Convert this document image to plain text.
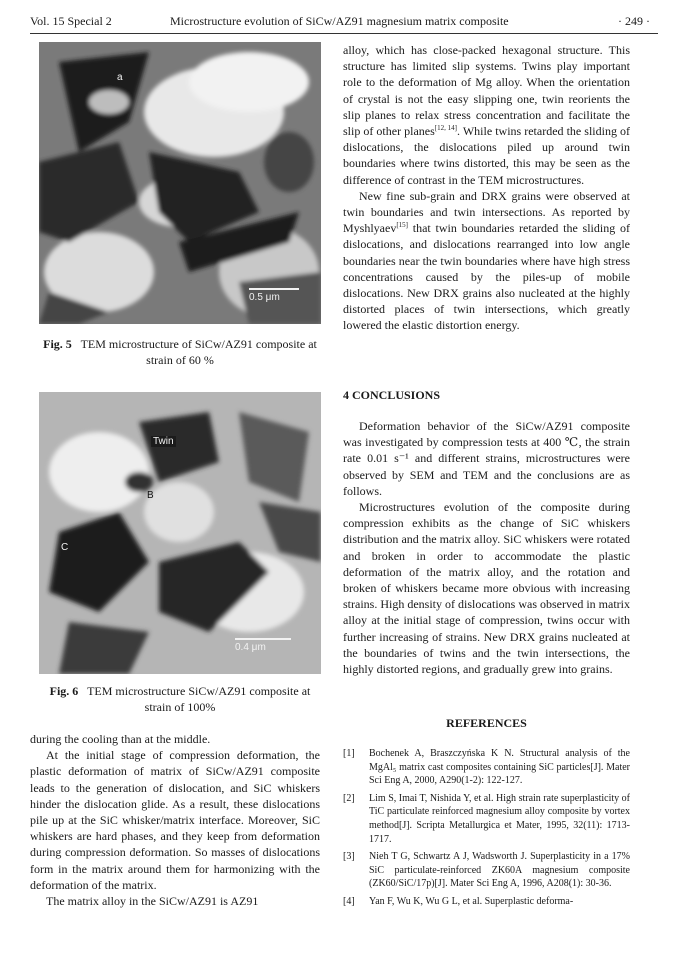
Vol. 15 Special 2	Microstructure evolution of SiCw/AZ91 magnesium matrix composite	· 249 ·
a
0.5 μm
Fig. 5 TEM microstructure of SiCw/AZ91 composite at strain of 60 %
Twin
B
C
0.4 μm
Fig. 6 TEM microstructure SiCw/AZ91 composite at strain of 100%

during the cooling than at the middle.

At the initial stage of compression deformation, the plastic deformation of matrix of SiCw/AZ91 composite leads to the generation of dislocation, and SiC whiskers hinder the dislocation glide. As a result, these dislocations pile up at the SiC whisker/matrix interface. Moreover, SiC whiskers are hard phases, and they keep from deformation during compression deformation. So masses of dislocations form in the matrix around them for harmonizing with the deformation of the matrix.

The matrix alloy in the SiCw/AZ91 is AZ91

alloy, which has close-packed hexagonal structure. This structure has limited slip systems. Twins play important role to the deformation of Mg alloy. When the orientation of crystal is not the easy slipping one, twin reorients the slip planes to relax stress concentration and facilitate the slip of other planes[12, 14]. While twins retarded the sliding of dislocations, the dislocations piled up around twin boundaries where twins distorted, this may be seen as the difference of contrast in the TEM microstructures.

New fine sub-grain and DRX grains were observed at twin boundaries and twin intersections. As reported by Myshlyaev[15] that twin boundaries retarded the sliding of dislocations, and dislocations rearranged into low angle boundaries near the twin boundaries where have high stress concentrations caused by the piles-up of mobile dislocations. New DRX grains also nucleated at the highly distorted places of twin intersections, which greatly lowered the elastic distortion energy.

4 CONCLUSIONS

Deformation behavior of the SiCw/AZ91 composite was investigated by compression tests at 400 ℃, the strain rate 0.01 s⁻¹ and different strains, microstructures were observed by SEM and TEM and the conclusions are as follows.

Microstructures evolution of the composite during compression exhibits as the change of SiC whiskers distribution and the matrix alloy. SiC whiskers were rotated and broken in order to accommodate the plastic deformation of the matrix alloy, and the rotation and broken of whiskers became more obvious with increasing strains. High density of dislocations was observed in matrix alloy at the initial stage of compression, twins occur with further increasing of strains. New DRX grains nucleated at the boundaries of twins and the twin intersections, the highly distorted regions, and gradually grew into grains.

REFERENCES
[1]	Bochenek A, Braszczyńska K N. Structural analysis of the MgAl₅ matrix cast composites containing SiC particles[J]. Mater Sci Eng A, 2000, A290(1-2): 122-127.
[2]	Lim S, Imai T, Nishida Y, et al. High strain rate superplasticity of TiC particulate reinforced magnesium alloy composite by vortex method[J]. Scripta Metallurgica et Mater, 1995, 32(11): 1713-1717.
[3]	Nieh T G, Schwartz A J, Wadsworth J. Superplasticity in a 17% SiC particulate-reinforced ZK60A magnesium composite (ZK60/SiC/17p)[J]. Mater Sci Eng A, 1996, A208(1): 30-36.
[4]	Yan F, Wu K, Wu G L, et al. Superplastic deforma-
